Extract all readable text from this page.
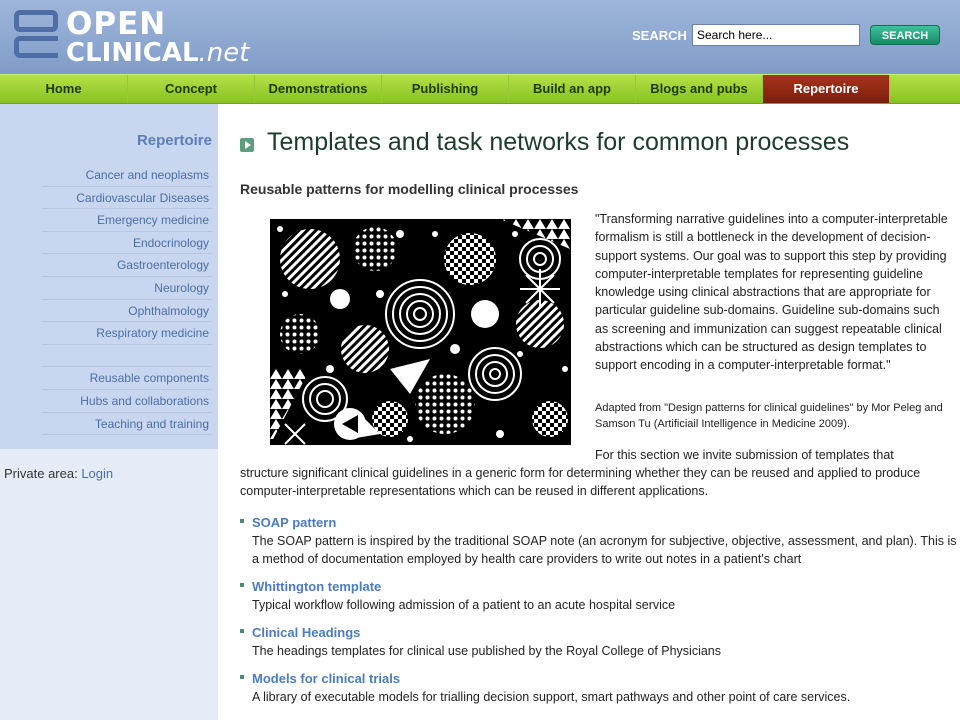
OPEN
CLINICAL.net
SEARCH
Search here...	SEARCH
Home	Concept	Demonstrations	Publishing	Build an app	Blogs and pubs	Repertoire
Repertoire
Cancer and neoplasms
Cardiovascular Diseases
Emergency medicine
Endocrinology
Gastroenterology
Neurology
Ophthalmology
Respiratory medicine
Reusable components
Hubs and collaborations
Teaching and training
Private area: Login
Templates and task networks for common processes
Reusable patterns for modelling clinical processes

"Transforming narrative guidelines into a computer-interpretable formalism is still a bottleneck in the development of decision-support systems. Our goal was to support this step by providing computer-interpretable templates for representing guideline knowledge using clinical abstractions that are appropriate for particular guideline sub-domains. Guideline sub-domains such as screening and immunization can suggest repeatable clinical abstractions which can be structured as design templates to support encoding in a computer-interpretable format."

Adapted from "Design patterns for clinical guidelines" by Mor Peleg and Samson Tu (Artificiail Intelligence in Medicine 2009).

For this section we invite submission of templates that

structure significant clinical guidelines in a generic form for determining whether they can be reused and applied to produce computer-interpretable representations which can be reused in different applications.

SOAP pattern
The SOAP pattern is inspired by the traditional SOAP note (an acronym for subjective, objective, assessment, and plan). This is a method of documentation employed by health care providers to write out notes in a patient's chart
Whittington template
Typical workflow following admission of a patient to an acute hospital service
Clinical Headings
The headings templates for clinical use published by the Royal College of Physicians
Models for clinical trials
A library of executable models for trialling decision support, smart pathways and other point of care services.
